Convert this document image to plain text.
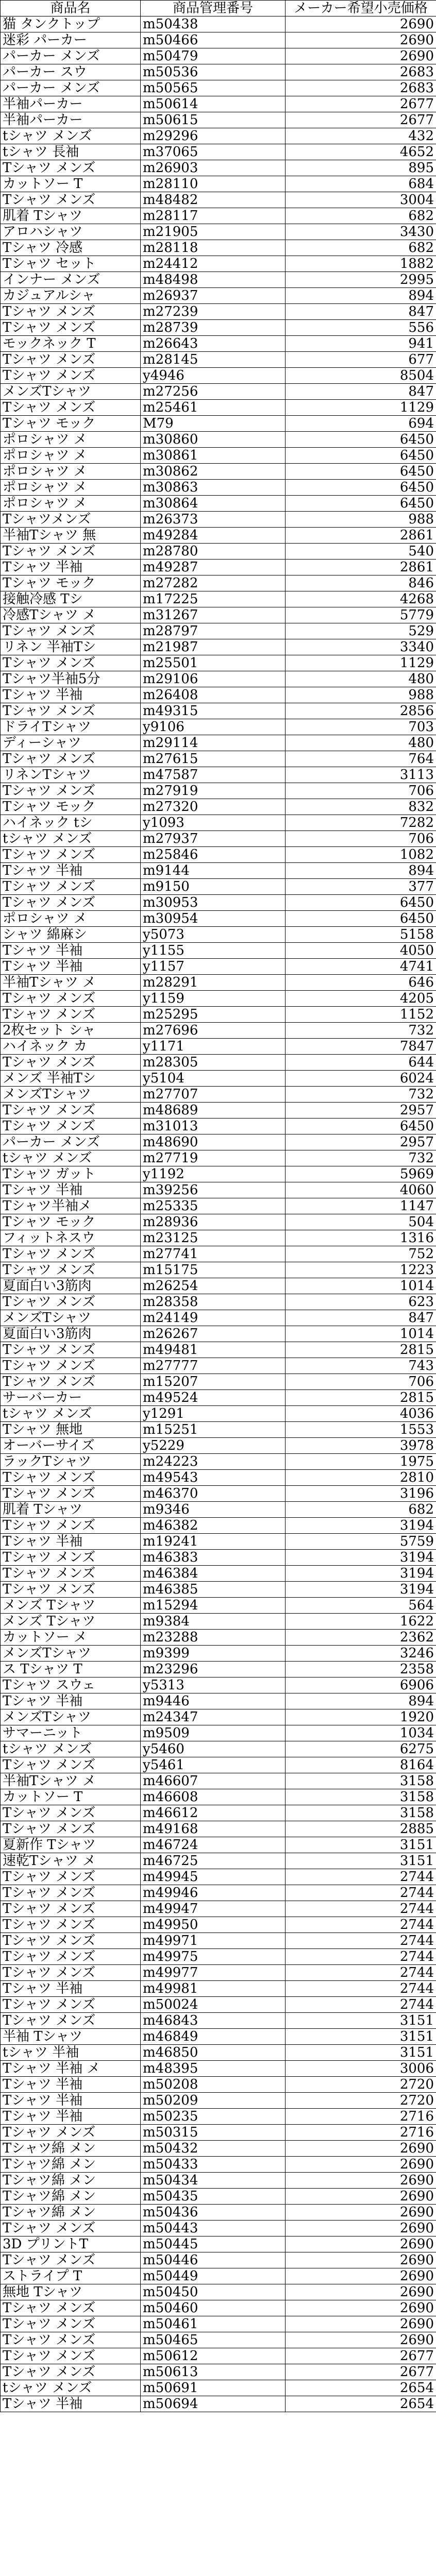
商品名	商品管理番号	メーカー希望小売価格
猫 タンクトップ	m50438	2690
迷彩 パーカー	m50466	2690
パーカー メンズ	m50479	2690
パーカー スウ	m50536	2683
パーカー メンズ	m50565	2683
半袖パーカー	m50614	2677
半袖パーカー	m50615	2677
tシャツ メンズ	m29296	432
tシャツ 長袖	m37065	4652
Tシャツ メンズ	m26903	895
カットソー T	m28110	684
Tシャツ メンズ	m48482	3004
肌着 Tシャツ	m28117	682
アロハシャツ	m21905	3430
Tシャツ 冷感	m28118	682
Tシャツ セット	m24412	1882
インナー メンズ	m48498	2995
カジュアルシャ	m26937	894
Tシャツ メンズ	m27239	847
Tシャツ メンズ	m28739	556
モックネック T	m26643	941
Tシャツ メンズ	m28145	677
Tシャツ メンズ	y4946	8504
メンズTシャツ	m27256	847
Tシャツ メンズ	m25461	1129
Tシャツ モック	M79	694
ポロシャツ メ	m30860	6450
ポロシャツ メ	m30861	6450
ポロシャツ メ	m30862	6450
ポロシャツ メ	m30863	6450
ポロシャツ メ	m30864	6450
Tシャツメンズ	m26373	988
半袖Tシャツ 無	m49284	2861
Tシャツ メンズ	m28780	540
Tシャツ 半袖	m49287	2861
Tシャツ モック	m27282	846
接触冷感 Tシ	m17225	4268
冷感Tシャツ メ	m31267	5779
Tシャツ メンズ	m28797	529
リネン 半袖Tシ	m21987	3340
Tシャツ メンズ	m25501	1129
Tシャツ半袖5分	m29106	480
Tシャツ 半袖	m26408	988
Tシャツ メンズ	m49315	2856
ドライTシャツ	y9106	703
ディーシャツ	m29114	480
Tシャツ メンズ	m27615	764
リネンTシャツ	m47587	3113
Tシャツ メンズ	m27919	706
Tシャツ モック	m27320	832
ハイネック tシ	y1093	7282
tシャツ メンズ	m27937	706
Tシャツ メンズ	m25846	1082
Tシャツ 半袖	m9144	894
Tシャツ メンズ	m9150	377
Tシャツ メンズ	m30953	6450
ポロシャツ メ	m30954	6450
シャツ 綿麻シ	y5073	5158
Tシャツ 半袖	y1155	4050
Tシャツ 半袖	y1157	4741
半袖Tシャツ メ	m28291	646
Tシャツ メンズ	y1159	4205
Tシャツ メンズ	m25295	1152
2枚セット シャ	m27696	732
ハイネック カ	y1171	7847
Tシャツ メンズ	m28305	644
メンズ 半袖Tシ	y5104	6024
メンズTシャツ	m27707	732
Tシャツ メンズ	m48689	2957
Tシャツ メンズ	m31013	6450
パーカー メンズ	m48690	2957
tシャツ メンズ	m27719	732
Tシャツ ガット	y1192	5969
Tシャツ 半袖	m39256	4060
Tシャツ半袖メ	m25335	1147
Tシャツ モック	m28936	504
フィットネスウ	m23125	1316
Tシャツ メンズ	m27741	752
Tシャツ メンズ	m15175	1223
夏面白い3筋肉	m26254	1014
Tシャツ メンズ	m28358	623
メンズTシャツ	m24149	847
夏面白い3筋肉	m26267	1014
Tシャツ メンズ	m49481	2815
Tシャツ メンズ	m27777	743
Tシャツ メンズ	m15207	706
サーバーカー	m49524	2815
tシャツ メンズ	y1291	4036
Tシャツ 無地	m15251	1553
オーバーサイズ	y5229	3978
ラックTシャツ	m24223	1975
Tシャツ メンズ	m49543	2810
Tシャツ メンズ	m46370	3196
肌着 Tシャツ	m9346	682
Tシャツ メンズ	m46382	3194
Tシャツ 半袖	m19241	5759
Tシャツ メンズ	m46383	3194
Tシャツ メンズ	m46384	3194
Tシャツ メンズ	m46385	3194
メンズ Tシャツ	m15294	564
メンズ Tシャツ	m9384	1622
カットソー メ	m23288	2362
メンズTシャツ	m9399	3246
ス Tシャツ T	m23296	2358
Tシャツ スウェ	y5313	6906
Tシャツ 半袖	m9446	894
メンズTシャツ	m24347	1920
サマーニット	m9509	1034
tシャツ メンズ	y5460	6275
Tシャツ メンズ	y5461	8164
半袖Tシャツ メ	m46607	3158
カットソー T	m46608	3158
Tシャツ メンズ	m46612	3158
Tシャツ メンズ	m49168	2885
夏新作 Tシャツ	m46724	3151
速乾Tシャツ メ	m46725	3151
Tシャツ メンズ	m49945	2744
Tシャツ メンズ	m49946	2744
Tシャツ メンズ	m49947	2744
Tシャツ メンズ	m49950	2744
Tシャツ メンズ	m49971	2744
Tシャツ メンズ	m49975	2744
Tシャツ メンズ	m49977	2744
Tシャツ 半袖	m49981	2744
Tシャツ メンズ	m50024	2744
Tシャツ メンズ	m46843	3151
半袖 Tシャツ	m46849	3151
tシャツ 半袖	m46850	3151
Tシャツ 半袖 メ	m48395	3006
Tシャツ 半袖	m50208	2720
Tシャツ 半袖	m50209	2720
Tシャツ 半袖	m50235	2716
Tシャツ メンズ	m50315	2716
Tシャツ綿 メン	m50432	2690
Tシャツ綿 メン	m50433	2690
Tシャツ綿 メン	m50434	2690
Tシャツ綿 メン	m50435	2690
Tシャツ綿 メン	m50436	2690
Tシャツ メンズ	m50443	2690
3D プリントT	m50445	2690
Tシャツ メンズ	m50446	2690
ストライプ T	m50449	2690
無地 Tシャツ	m50450	2690
Tシャツ メンズ	m50460	2690
Tシャツ メンズ	m50461	2690
Tシャツ メンズ	m50465	2690
Tシャツ メンズ	m50612	2677
Tシャツ メンズ	m50613	2677
tシャツ メンズ	m50691	2654
Tシャツ 半袖	m50694	2654
